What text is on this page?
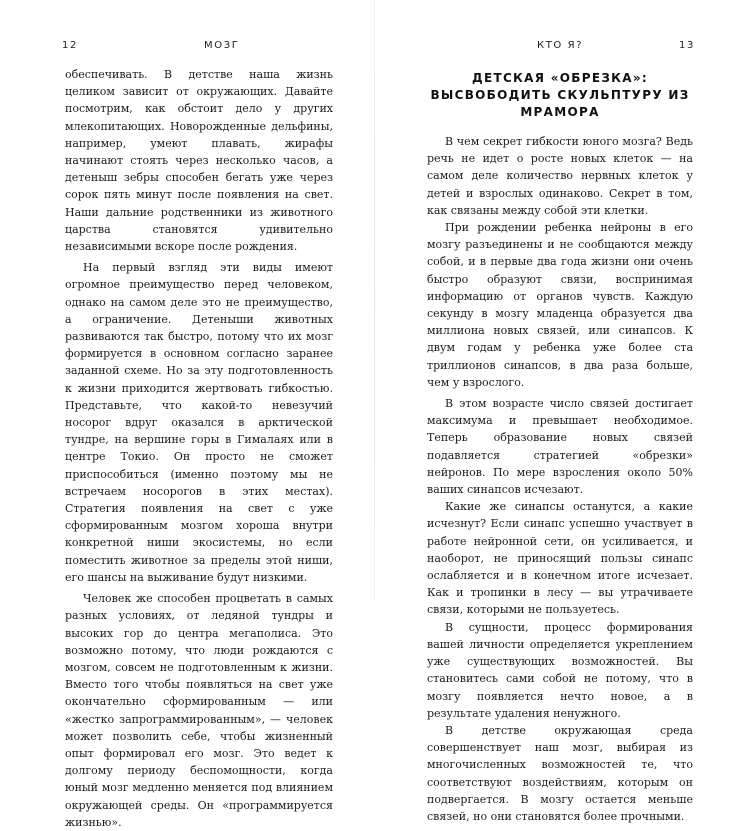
12	МОЗГ

обеспечивать. В детстве наша жизнь целиком зависит от окружающих. Давайте посмотрим, как обстоит дело у других млекопитающих. Новорожденные дельфины, например, умеют плавать, жирафы начинают стоять через несколько часов, а детеныш зебры способен бегать уже через сорок пять минут после появления на свет. Наши дальние родственники из животного царства становятся удивительно независимыми вскоре после рождения.

На первый взгляд эти виды имеют огромное преимущество перед человеком, однако на самом деле это не преимущество, а ограничение. Детеныши животных развиваются так быстро, потому что их мозг формируется в основном согласно заранее заданной схеме. Но за эту подготовленность к жизни приходится жертвовать гибкостью. Представьте, что какой-то невезучий носорог вдруг оказался в арктической тундре, на вершине горы в Гималаях или в центре Токио. Он просто не сможет приспособиться (именно поэтому мы не встречаем носорогов в этих местах). Стратегия появления на свет с уже сформированным мозгом хороша внутри конкретной ниши экосистемы, но если поместить животное за пределы этой ниши, его шансы на выживание будут низкими.

Человек же способен процветать в самых разных условиях, от ледяной тундры и высоких гор до центра мегаполиса. Это возможно потому, что люди рождаются с мозгом, совсем не подготовленным к жизни. Вместо того чтобы появляться на свет уже окончательно сформированным — или «жестко запрограммированным», — человек может позволить себе, чтобы жизненный опыт формировал его мозг. Это ведет к долгому периоду беспомощности, когда юный мозг медленно меняется под влиянием окружающей среды. Он «программируется жизнью».

КТО Я?	13
ДЕТСКАЯ «ОБРЕЗКА»: ВЫСВОБОДИТЬ СКУЛЬПТУРУ ИЗ МРАМОРА

В чем секрет гибкости юного мозга? Ведь речь не идет о росте новых клеток — на самом деле количество нервных клеток у детей и взрослых одинаково. Секрет в том, как связаны между собой эти клетки.

При рождении ребенка нейроны в его мозгу разъединены и не сообщаются между собой, и в первые два года жизни они очень быстро образуют связи, воспринимая информацию от органов чувств. Каждую секунду в мозгу младенца образуется два миллиона новых связей, или синапсов. К двум годам у ребенка уже более ста триллионов синапсов, в два раза больше, чем у взрослого.

В этом возрасте число связей достигает максимума и превышает необходимое. Теперь образование новых связей подавляется стратегией «обрезки» нейронов. По мере взросления около 50% ваших синапсов исчезают.

Какие же синапсы останутся, а какие исчезнут? Если синапс успешно участвует в работе нейронной сети, он усиливается, и наоборот, не приносящий пользы синапс ослабляется и в конечном итоге исчезает. Как и тропинки в лесу — вы утрачиваете связи, которыми не пользуетесь.

В сущности, процесс формирования вашей личности определяется укреплением уже существующих возможностей. Вы становитесь сами собой не потому, что в мозгу появляется нечто новое, а в результате удаления ненужного.

В детстве окружающая среда совершенствует наш мозг, выбирая из многочисленных возможностей те, что соответствуют воздействиям, которым он подвергается. В мозгу остается меньше связей, но они становятся более прочными.
